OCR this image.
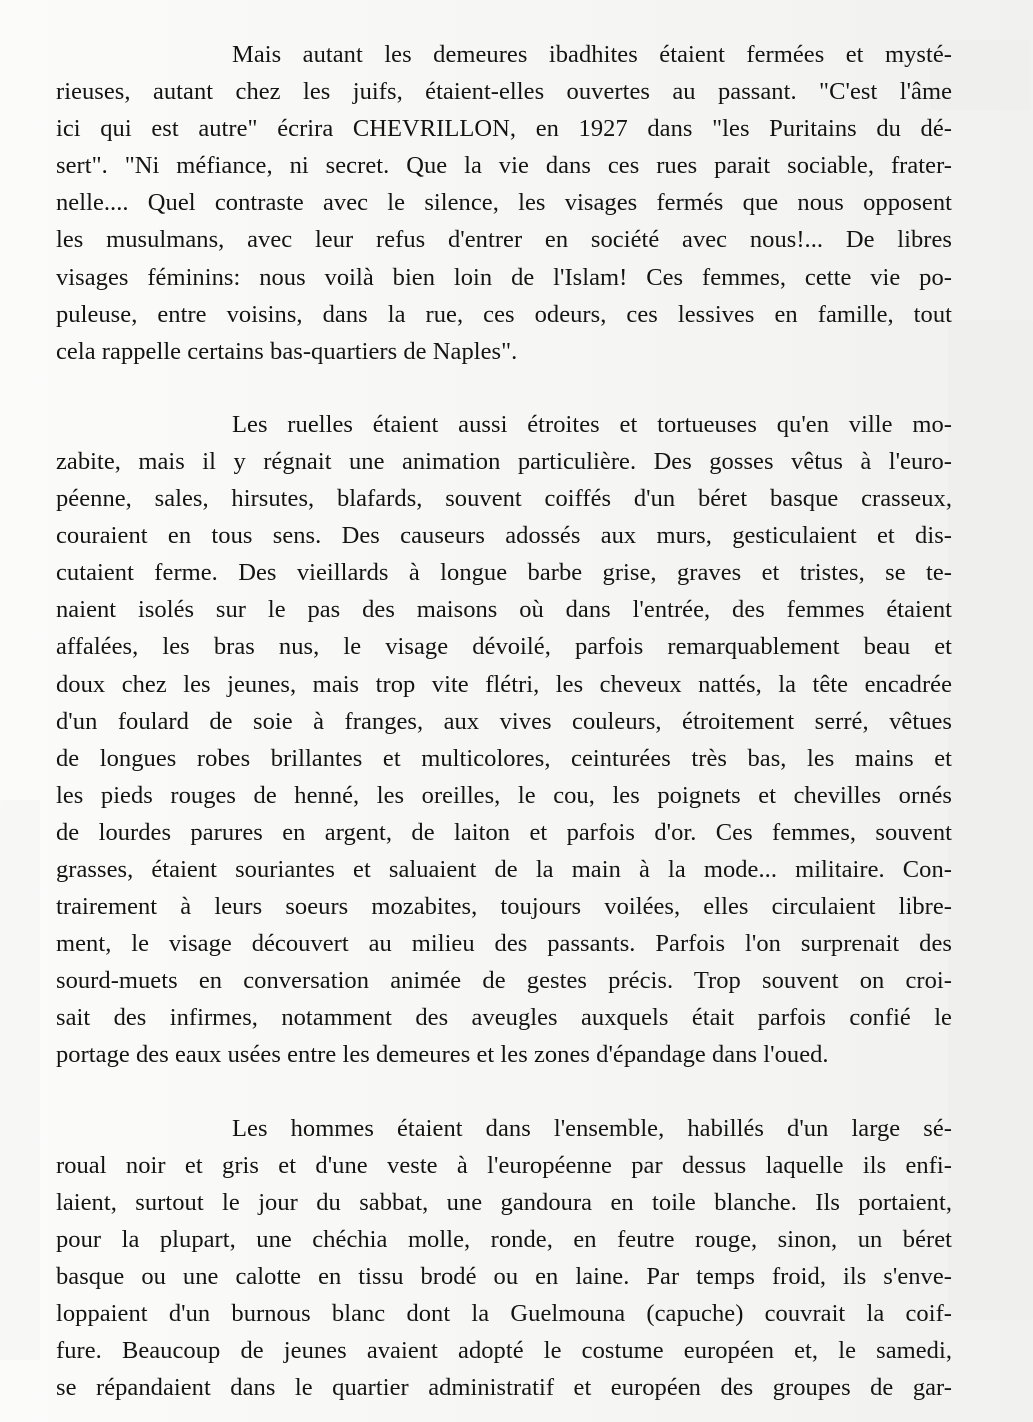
Mais autant les demeures ibadhites étaient fermées et mysté-
rieuses, autant chez les juifs, étaient-elles ouvertes au passant. "C'est l'âme
ici qui est autre" écrira CHEVRILLON, en 1927 dans "les Puritains du dé-
sert". "Ni méfiance, ni secret. Que la vie dans ces rues parait sociable, frater-
nelle.... Quel contraste avec le silence, les visages fermés que nous opposent
les musulmans, avec leur refus d'entrer en société avec nous!... De libres
visages féminins: nous voilà bien loin de l'Islam! Ces femmes, cette vie po-
puleuse, entre voisins, dans la rue, ces odeurs, ces lessives en famille, tout
cela rappelle certains bas-quartiers de Naples".

Les ruelles étaient aussi étroites et tortueuses qu'en ville mo-
zabite, mais il y régnait une animation particulière. Des gosses vêtus à l'euro-
péenne, sales, hirsutes, blafards, souvent coiffés d'un béret basque crasseux,
couraient en tous sens. Des causeurs adossés aux murs, gesticulaient et dis-
cutaient ferme. Des vieillards à longue barbe grise, graves et tristes, se te-
naient isolés sur le pas des maisons où dans l'entrée, des femmes étaient
affalées, les bras nus, le visage dévoilé, parfois remarquablement beau et
doux chez les jeunes, mais trop vite flétri, les cheveux nattés, la tête encadrée
d'un foulard de soie à franges, aux vives couleurs, étroitement serré, vêtues
de longues robes brillantes et multicolores, ceinturées très bas, les mains et
les pieds rouges de henné, les oreilles, le cou, les poignets et chevilles ornés
de lourdes parures en argent, de laiton et parfois d'or. Ces femmes, souvent
grasses, étaient souriantes et saluaient de la main à la mode... militaire. Con-
trairement à leurs soeurs mozabites, toujours voilées, elles circulaient libre-
ment, le visage découvert au milieu des passants. Parfois l'on surprenait des
sourd-muets en conversation animée de gestes précis. Trop souvent on croi-
sait des infirmes, notamment des aveugles auxquels était parfois confié le
portage des eaux usées entre les demeures et les zones d'épandage dans l'oued.

Les hommes étaient dans l'ensemble, habillés d'un large sé-
roual noir et gris et d'une veste à l'européenne par dessus laquelle ils enfi-
laient, surtout le jour du sabbat, une gandoura en toile blanche. Ils portaient,
pour la plupart, une chéchia molle, ronde, en feutre rouge, sinon, un béret
basque ou une calotte en tissu brodé ou en laine. Par temps froid, ils s'enve-
loppaient d'un burnous blanc dont la Guelmouna (capuche) couvrait la coif-
fure. Beaucoup de jeunes avaient adopté le costume européen et, le samedi,
se répandaient dans le quartier administratif et européen des groupes de gar-
